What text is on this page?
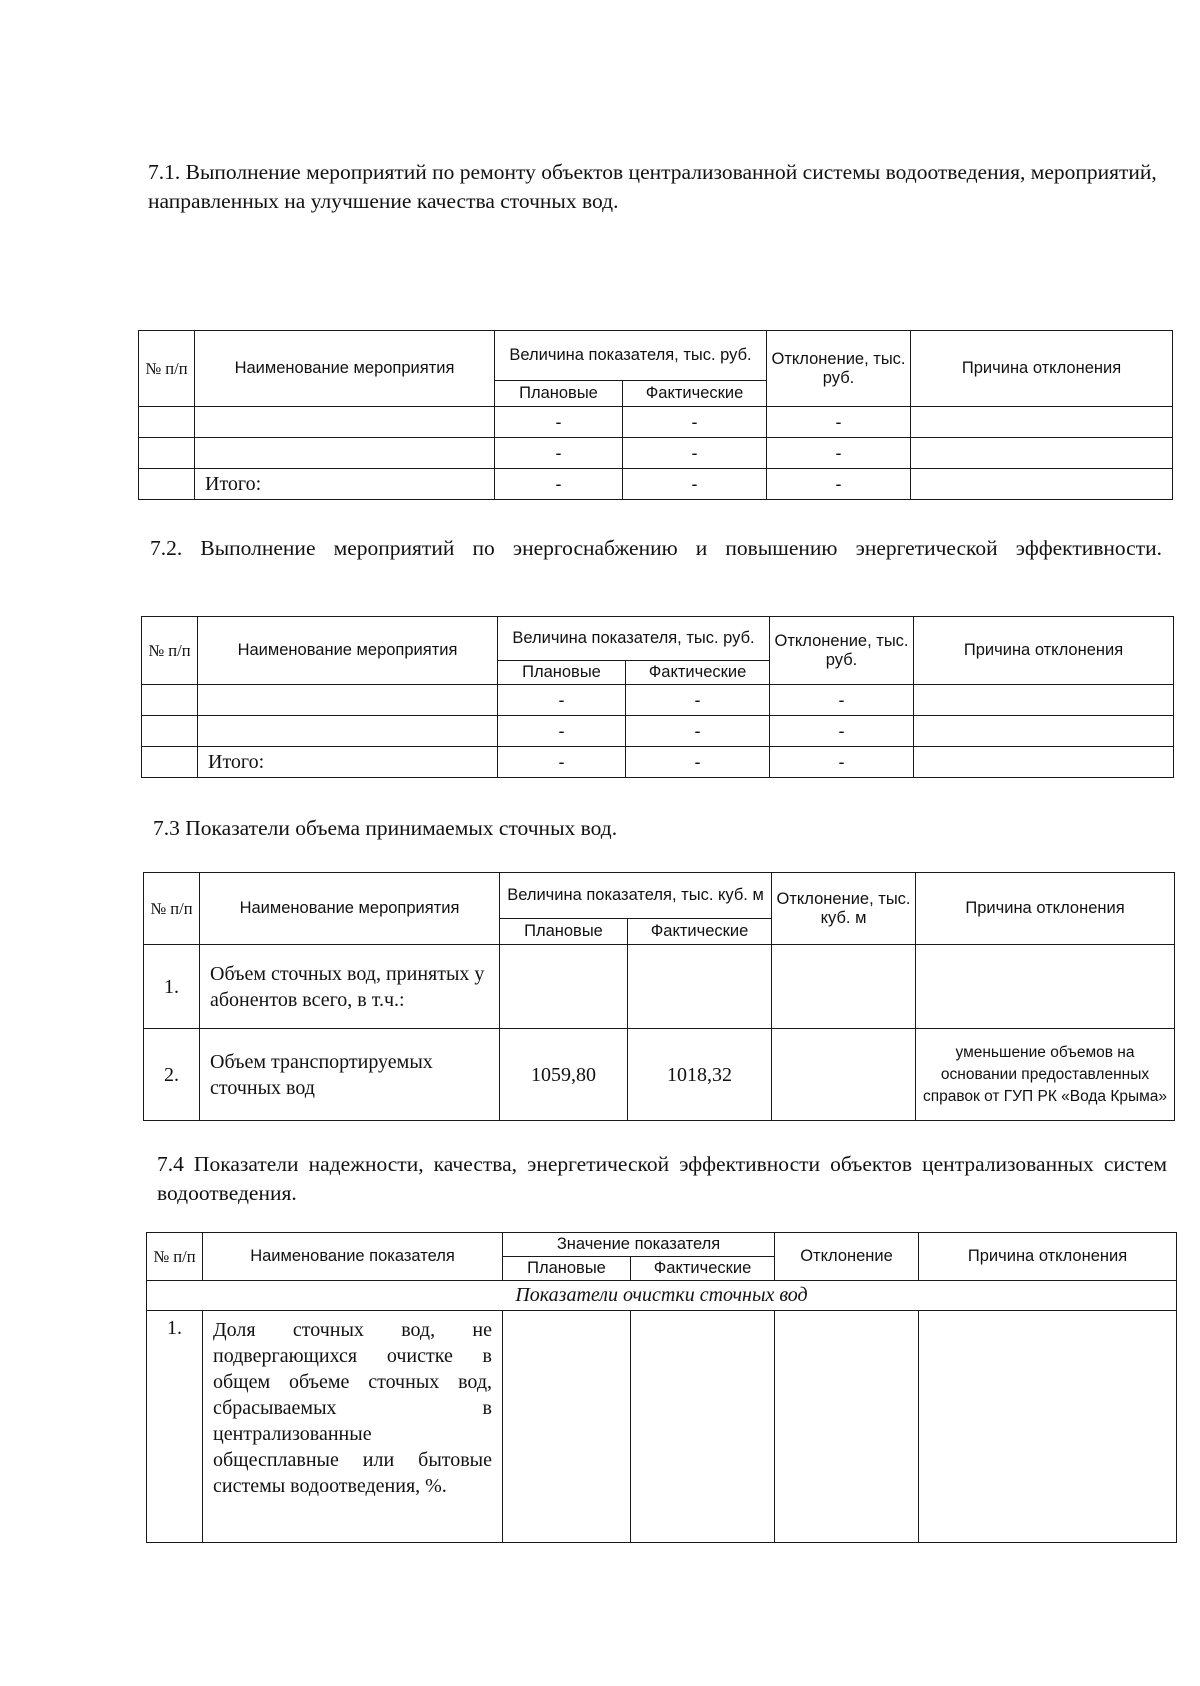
7.1. Выполнение мероприятий по ремонту объектов централизованной системы водоотведения, мероприятий, направленных на улучшение качества сточных вод.

№ п/п	Наименование мероприятия	Величина показателя, тыс. руб.		Отклонение, тыс. руб.	Причина отклонения
		Плановые	Фактические		
		-	-	-	
		-	-	-	
	Итого:	-	-	-	

7.2. Выполнение мероприятий по энергоснабжению и повышению энергетической эффективности.

№ п/п	Наименование мероприятия	Величина показателя, тыс. руб.		Отклонение, тыс. руб.	Причина отклонения
		Плановые	Фактические		
		-	-	-	
		-	-	-	
	Итого:	-	-	-	

7.3 Показатели объема принимаемых сточных вод.

№ п/п	Наименование мероприятия	Величина показателя, тыс. куб. м		Отклонение, тыс. куб. м	Причина отклонения
		Плановые	Фактические		
1.	Объем сточных вод, принятых у абонентов всего, в т.ч.:				
2.	Объем транспортируемых сточных вод	1059,80	1018,32		уменьшение объемов на основании предоставленных справок от ГУП РК «Вода Крыма»

7.4 Показатели надежности, качества, энергетической эффективности объектов централизованных систем водоотведения.

№ п/п	Наименование показателя	Значение показателя		Отклонение	Причина отклонения
		Плановые	Фактические		
Показатели очистки сточных вод					
1.	Доля сточных вод, не подвергающихся очистке в общем объеме сточных вод, сбрасываемых в централизованные общесплавные или бытовые системы водоотведения, %.				
